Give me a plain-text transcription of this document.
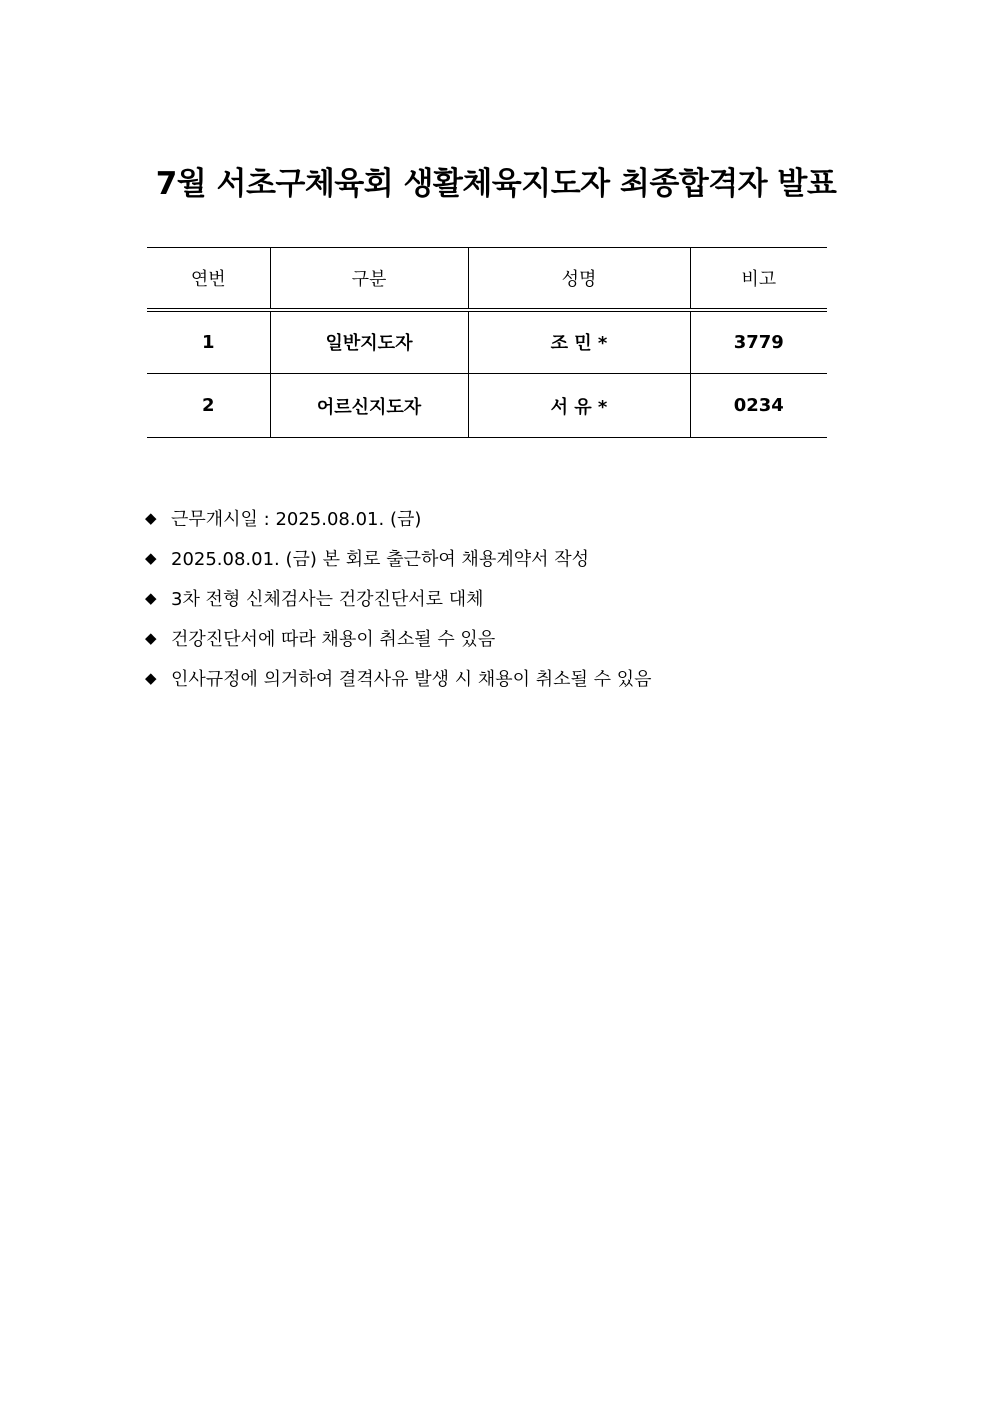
7월 서초구체육회 생활체육지도자 최종합격자 발표
연번	구분	성명	비고
1	일반지도자	조 민 *	3779
2	어르신지도자	서 유 *	0234
◆ 근무개시일 : 2025.08.01. (금)
◆ 2025.08.01. (금) 본 회로 출근하여 채용계약서 작성
◆ 3차 전형 신체검사는 건강진단서로 대체
◆ 건강진단서에 따라 채용이 취소될 수 있음
◆ 인사규정에 의거하여 결격사유 발생 시 채용이 취소될 수 있음
